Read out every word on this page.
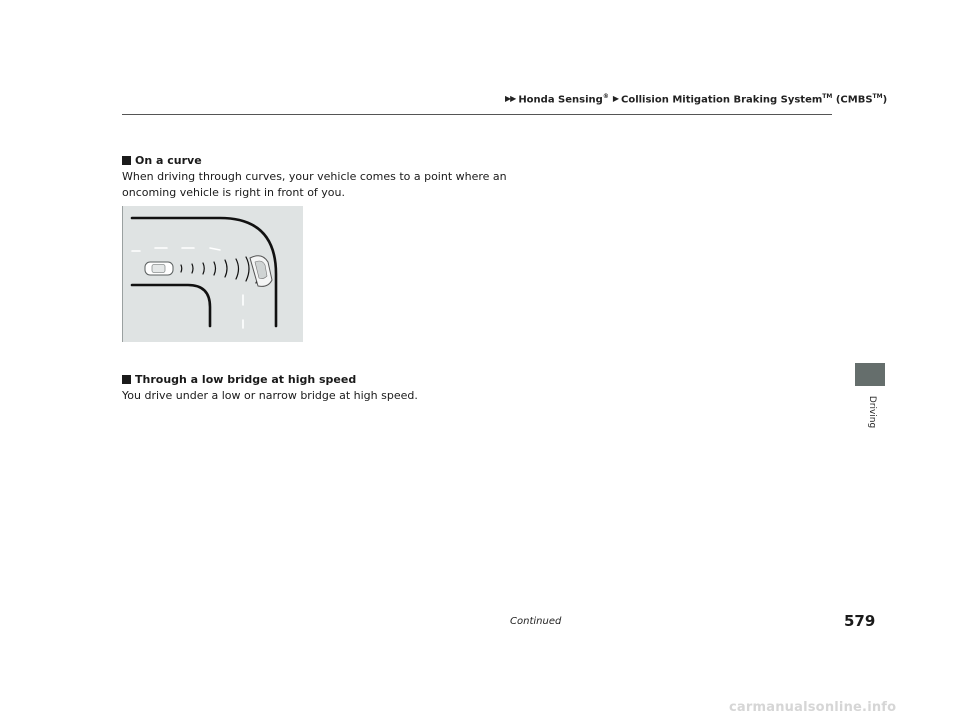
▶▶ Honda Sensing® ▶ Collision Mitigation Braking System™ (CMBS™)
On a curve
When driving through curves, your vehicle comes to a point where an oncoming vehicle is right in front of you.
Through a low bridge at high speed
You drive under a low or narrow bridge at high speed.
Driving
Continued	579
carmanualsonline.info
